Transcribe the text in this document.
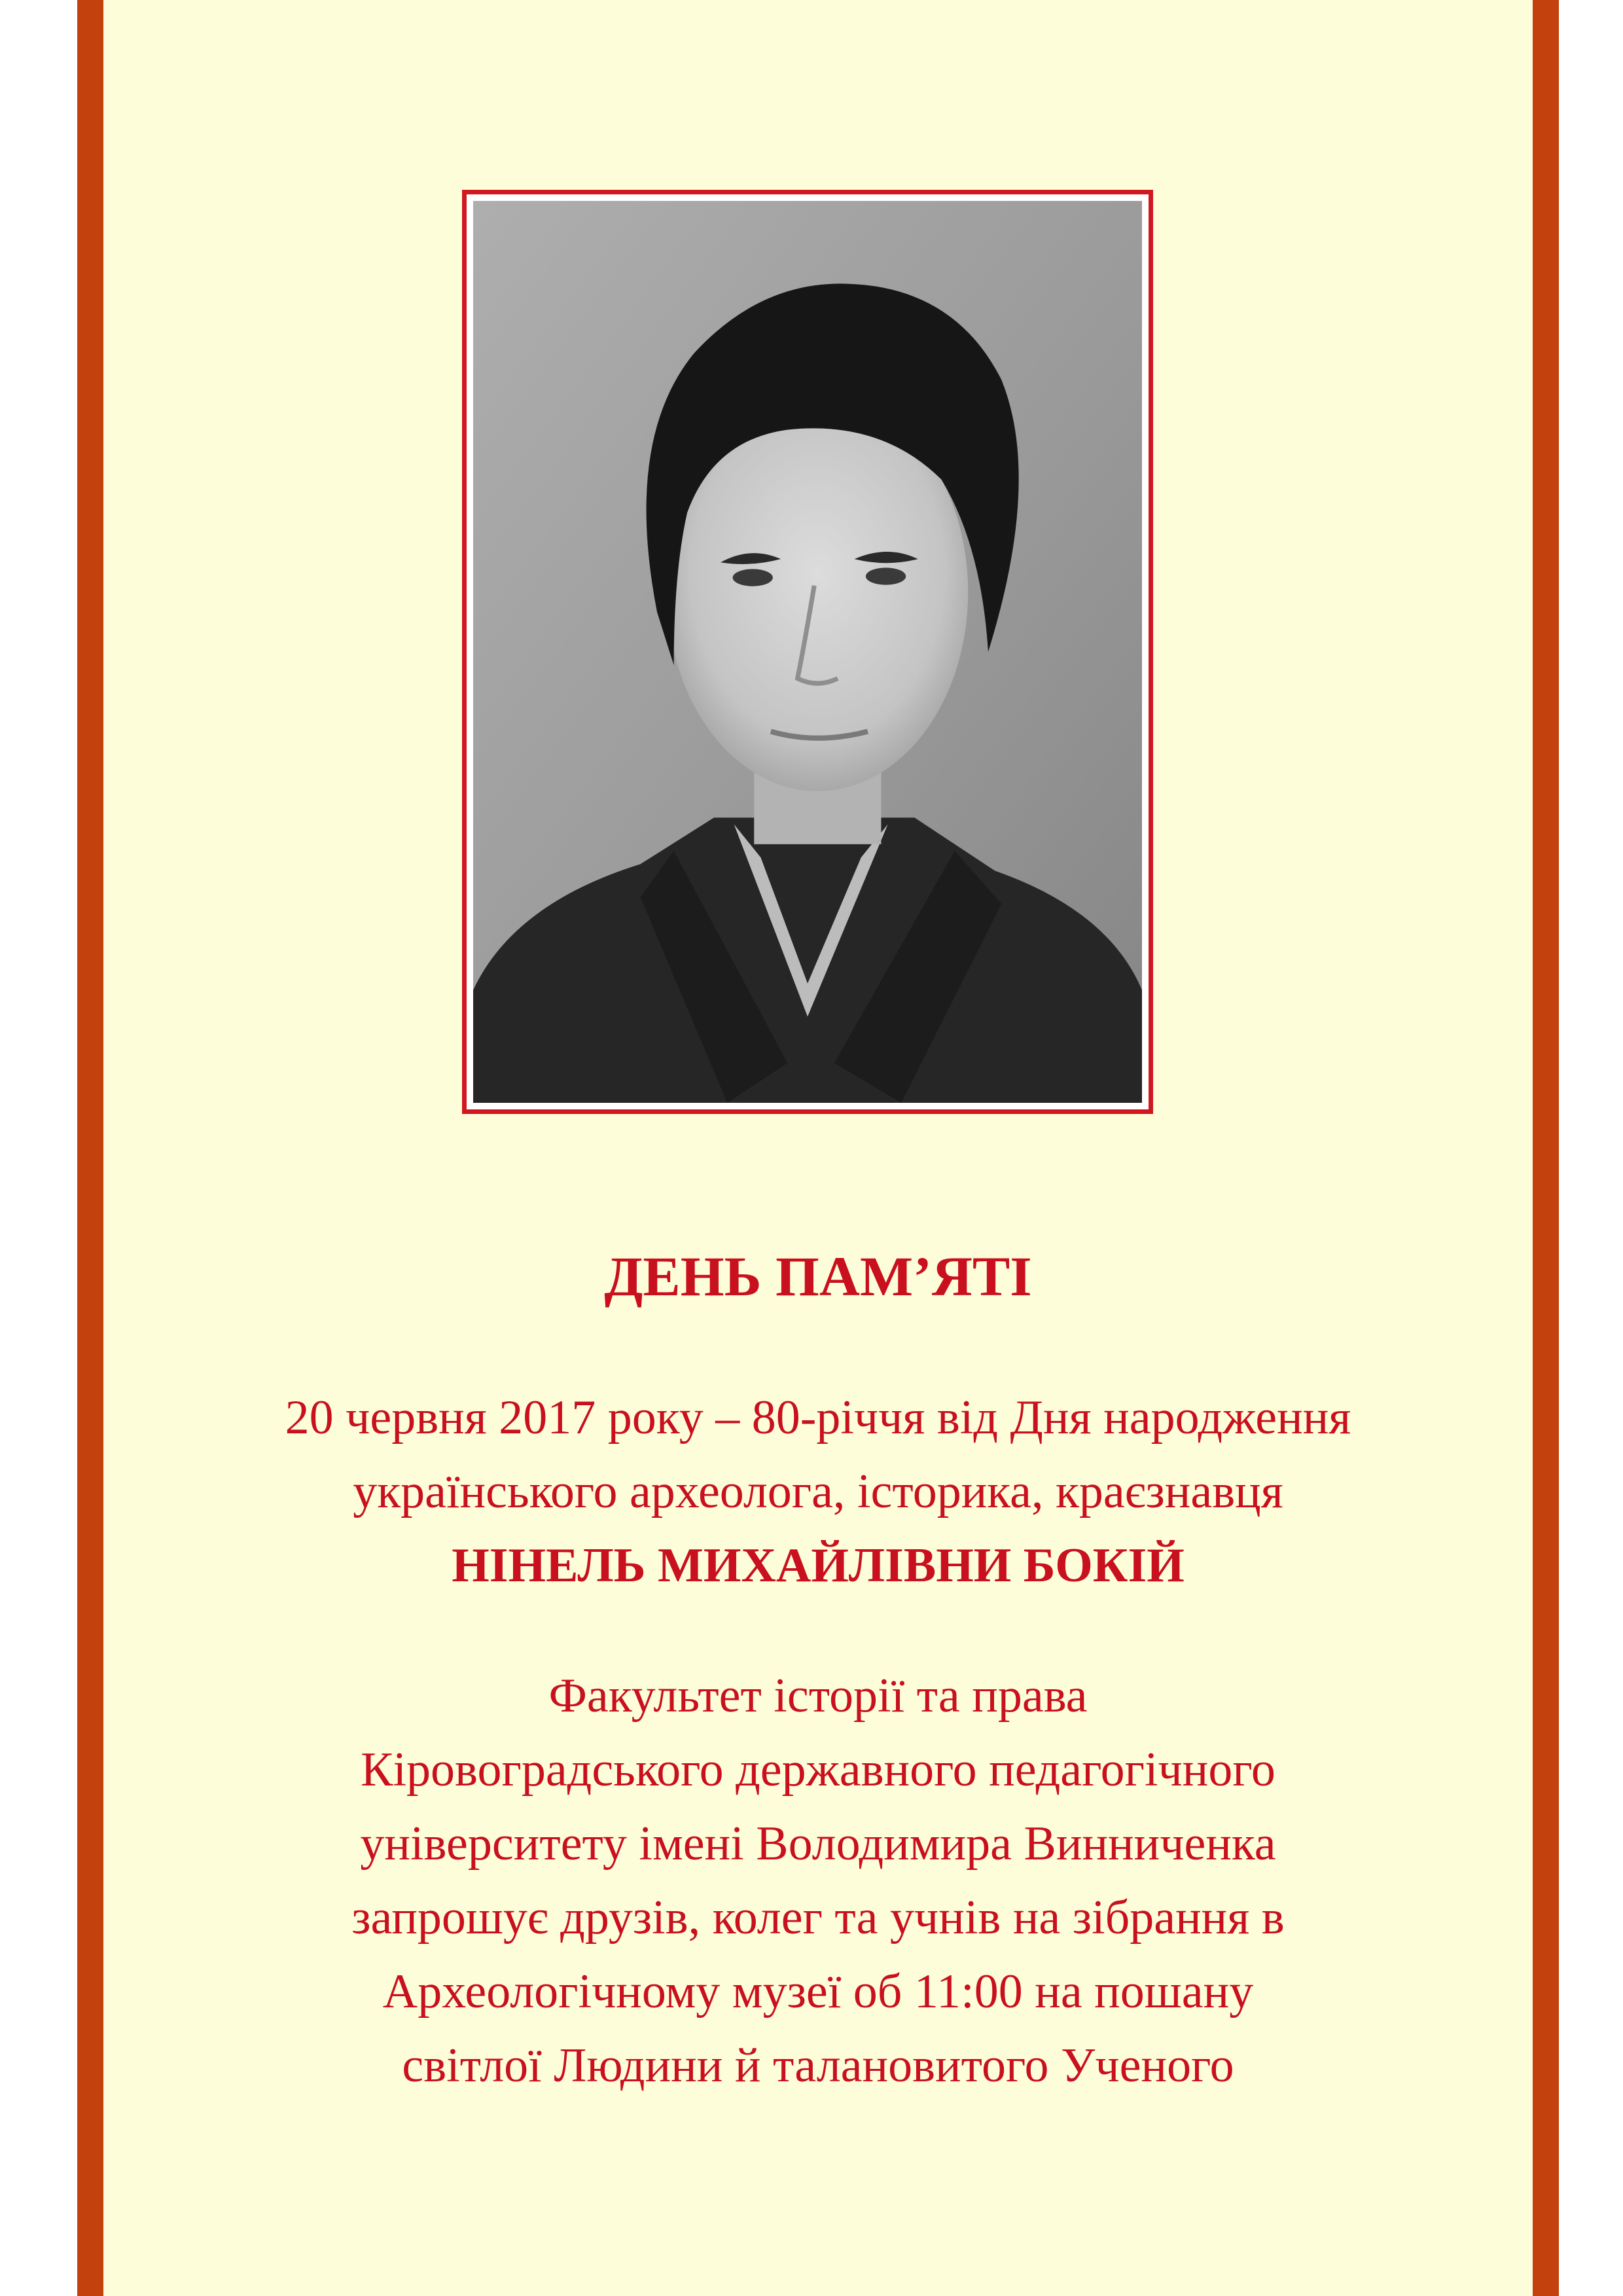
ДЕНЬ ПАМ’ЯТІ

20 червня 2017 року – 80-річчя від Дня народження
українського археолога, історика, краєзнавця
НІНЕЛЬ МИХАЙЛІВНИ БОКІЙ

Факультет історії та права
Кіровоградського державного педагогічного
університету імені Володимира Винниченка
запрошує друзів, колег та учнів на зібрання в
Археологічному музеї об 11:00 на пошану
світлої Людини й талановитого Ученого
